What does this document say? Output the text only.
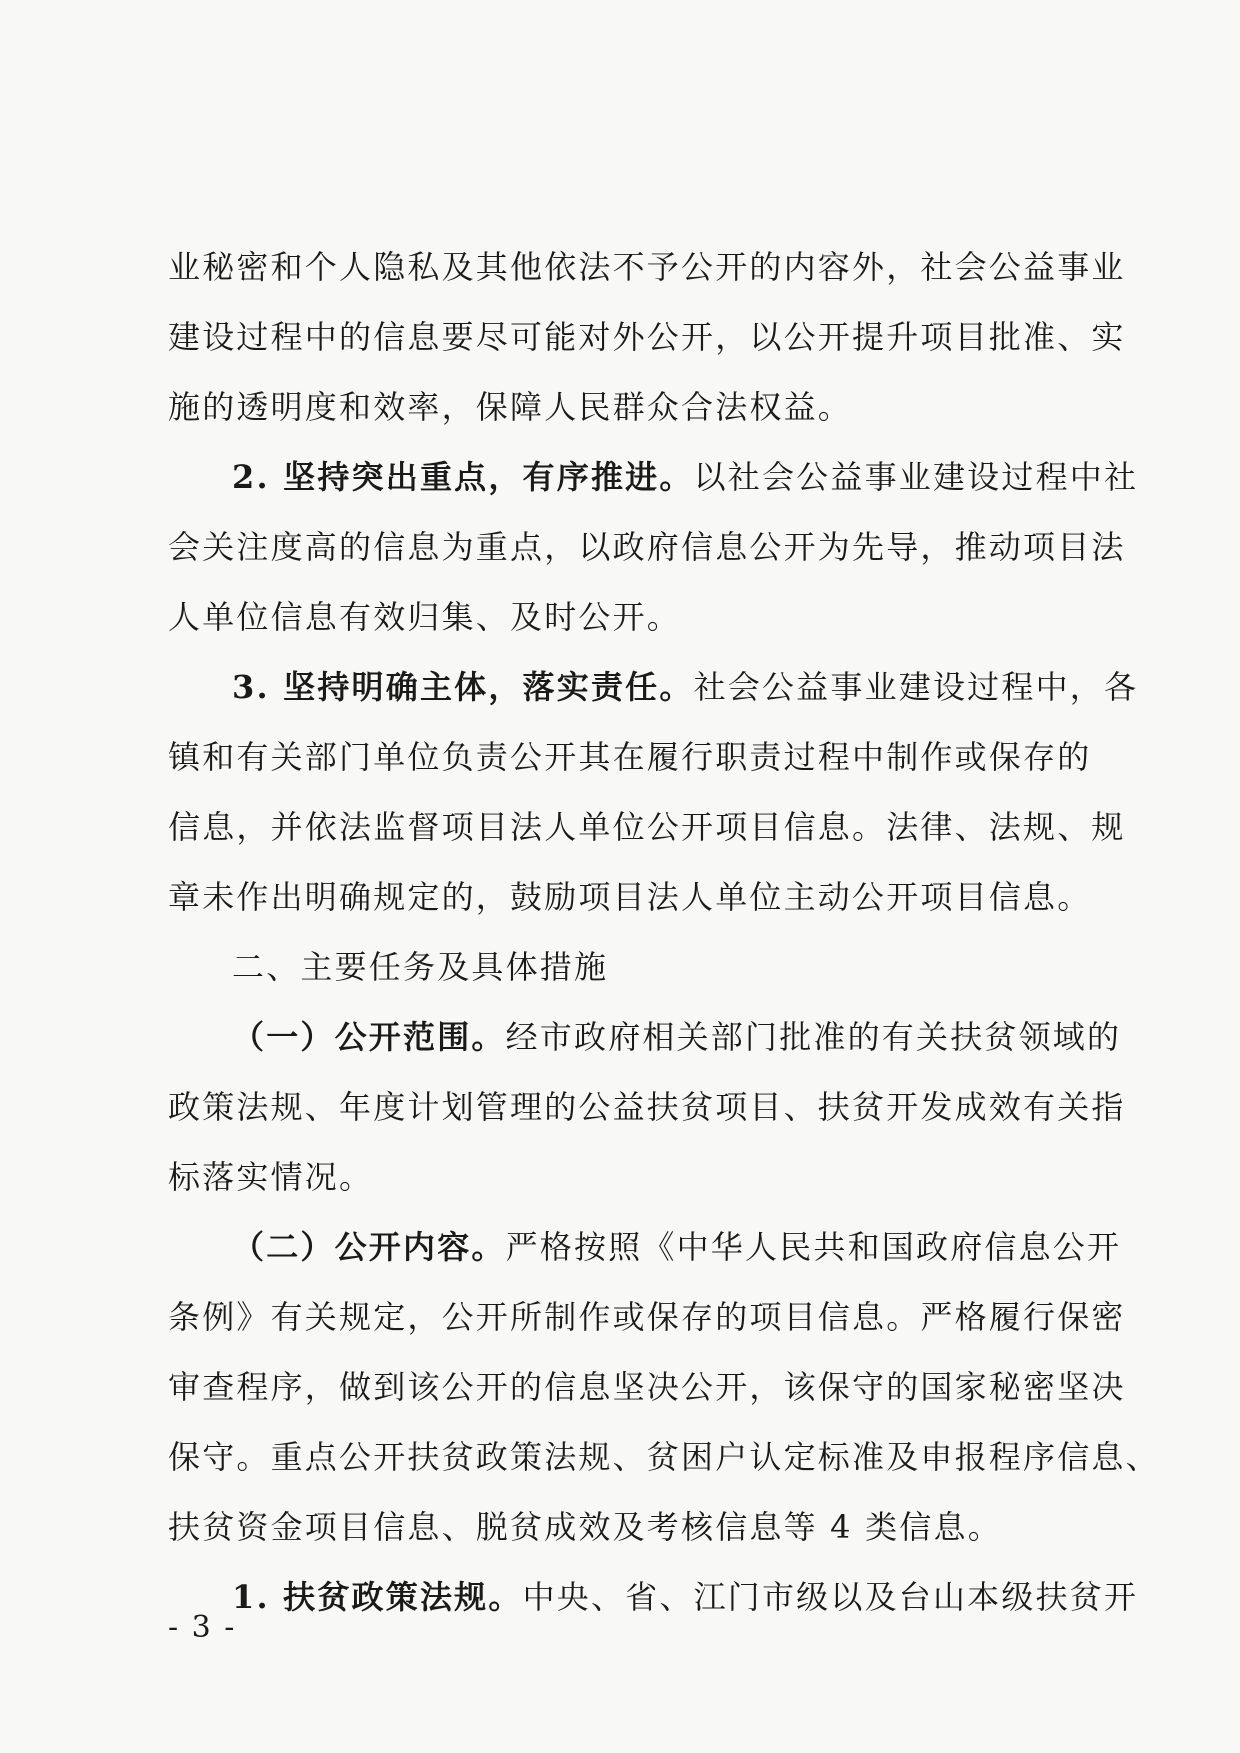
业秘密和个人隐私及其他依法不予公开的内容外，社会公益事业
建设过程中的信息要尽可能对外公开，以公开提升项目批准、实
施的透明度和效率，保障人民群众合法权益。
2. 坚持突出重点，有序推进。以社会公益事业建设过程中社
会关注度高的信息为重点，以政府信息公开为先导，推动项目法
人单位信息有效归集、及时公开。
3. 坚持明确主体，落实责任。社会公益事业建设过程中，各
镇和有关部门单位负责公开其在履行职责过程中制作或保存的
信息，并依法监督项目法人单位公开项目信息。法律、法规、规
章未作出明确规定的，鼓励项目法人单位主动公开项目信息。
二、主要任务及具体措施
（一）公开范围。经市政府相关部门批准的有关扶贫领域的
政策法规、年度计划管理的公益扶贫项目、扶贫开发成效有关指
标落实情况。
（二）公开内容。严格按照《中华人民共和国政府信息公开
条例》有关规定，公开所制作或保存的项目信息。严格履行保密
审查程序，做到该公开的信息坚决公开，该保守的国家秘密坚决
保守。重点公开扶贫政策法规、贫困户认定标准及申报程序信息、
扶贫资金项目信息、脱贫成效及考核信息等 4 类信息。
1. 扶贫政策法规。中央、省、江门市级以及台山本级扶贫开
- 3 -
